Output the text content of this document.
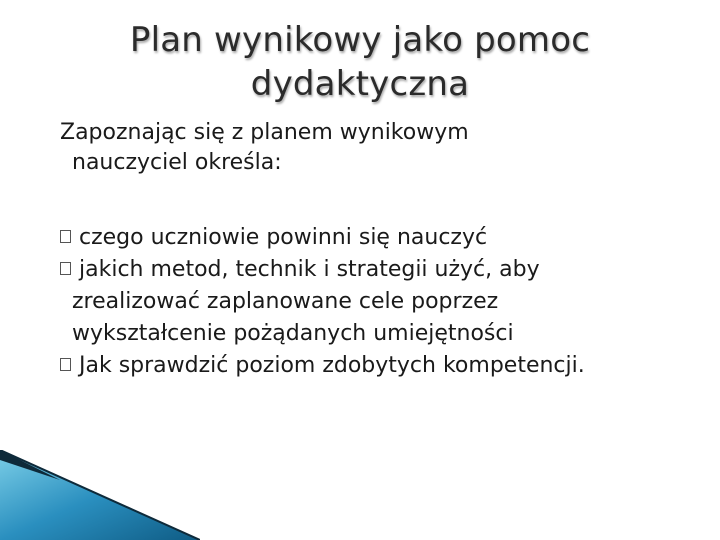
Plan wynikowy jako pomoc
dydaktyczna
Zapoznając się z planem wynikowym
nauczyciel określa:
czego uczniowie powinni się nauczyć
jakich metod, technik i strategii użyć, aby
zrealizować zaplanowane cele poprzez
wykształcenie pożądanych umiejętności
Jak sprawdzić poziom zdobytych kompetencji.
